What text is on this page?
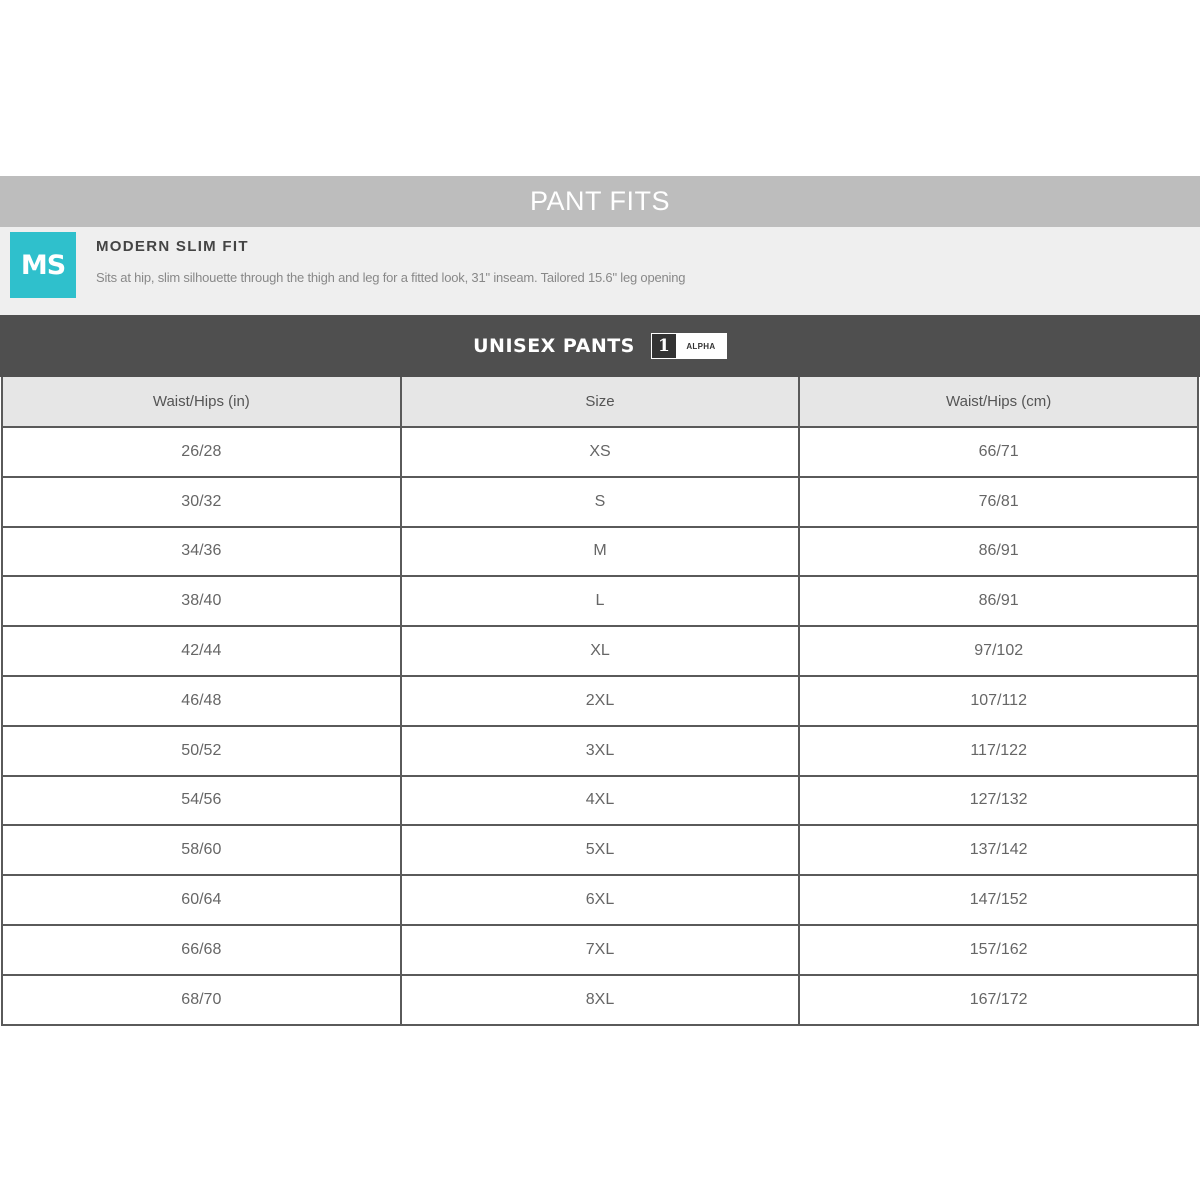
PANT FITS
MS
MODERN SLIM FIT
Sits at hip, slim silhouette through the thigh and leg for a fitted look, 31" inseam. Tailored 15.6" leg opening
UNISEX PANTS	1	ALPHA
Waist/Hips (in)	Size	Waist/Hips (cm)
26/28	XS	66/71
30/32	S	76/81
34/36	M	86/91
38/40	L	86/91
42/44	XL	97/102
46/48	2XL	107/112
50/52	3XL	117/122
54/56	4XL	127/132
58/60	5XL	137/142
60/64	6XL	147/152
66/68	7XL	157/162
68/70	8XL	167/172
